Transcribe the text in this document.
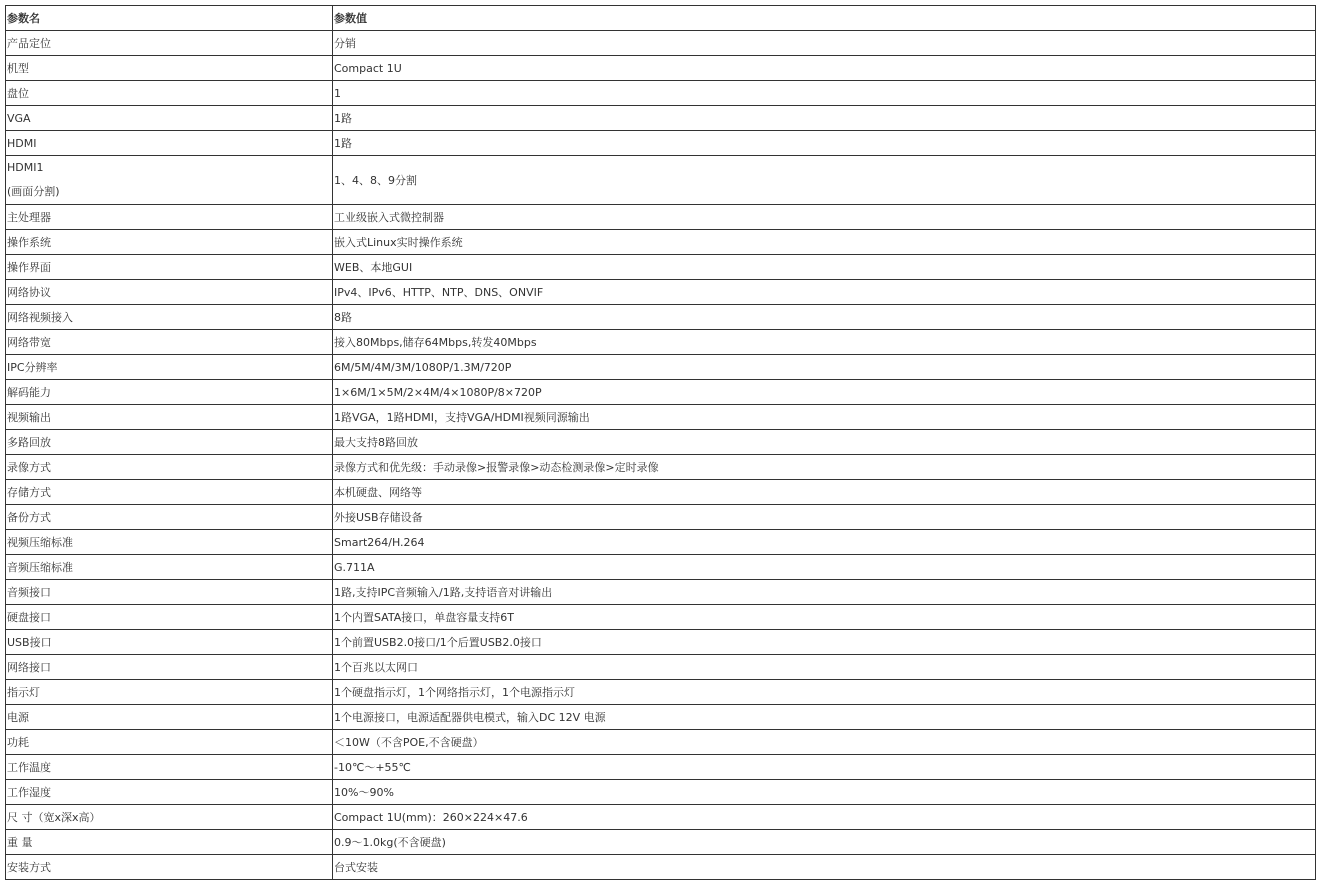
参数名	参数值
产品定位	分销
机型	Compact 1U
盘位	1
VGA	1路
HDMI	1路

HDMI1
(画面分割)	1、4、8、9分割
主处理器	工业级嵌入式微控制器
操作系统	嵌入式Linux实时操作系统
操作界面	WEB、本地GUI
网络协议	IPv4、IPv6、HTTP、NTP、DNS、ONVIF
网络视频接入	8路
网络带宽	接入80Mbps,储存64Mbps,转发40Mbps
IPC分辨率	6M/5M/4M/3M/1080P/1.3M/720P
解码能力	1×6M/1×5M/2×4M/4×1080P/8×720P
视频输出	1路VGA，1路HDMI，支持VGA/HDMI视频同源输出
多路回放	最大支持8路回放
录像方式	录像方式和优先级：手动录像>报警录像>动态检测录像>定时录像
存储方式	本机硬盘、网络等
备份方式	外接USB存储设备
视频压缩标准	Smart264/H.264
音频压缩标准	G.711A
音频接口	1路,支持IPC音频输入/1路,支持语音对讲输出
硬盘接口	1个内置SATA接口，单盘容量支持6T
USB接口	1个前置USB2.0接口/1个后置USB2.0接口
网络接口	1个百兆以太网口
指示灯	1个硬盘指示灯，1个网络指示灯，1个电源指示灯
电源	1个电源接口，电源适配器供电模式，输入DC 12V 电源
功耗	＜10W（不含POE,不含硬盘）
工作温度	-10℃～+55℃
工作湿度	10%～90%
尺 寸（宽x深x高）	Compact 1U(mm)：260×224×47.6
重 量	0.9～1.0kg(不含硬盘)
安装方式	台式安装
